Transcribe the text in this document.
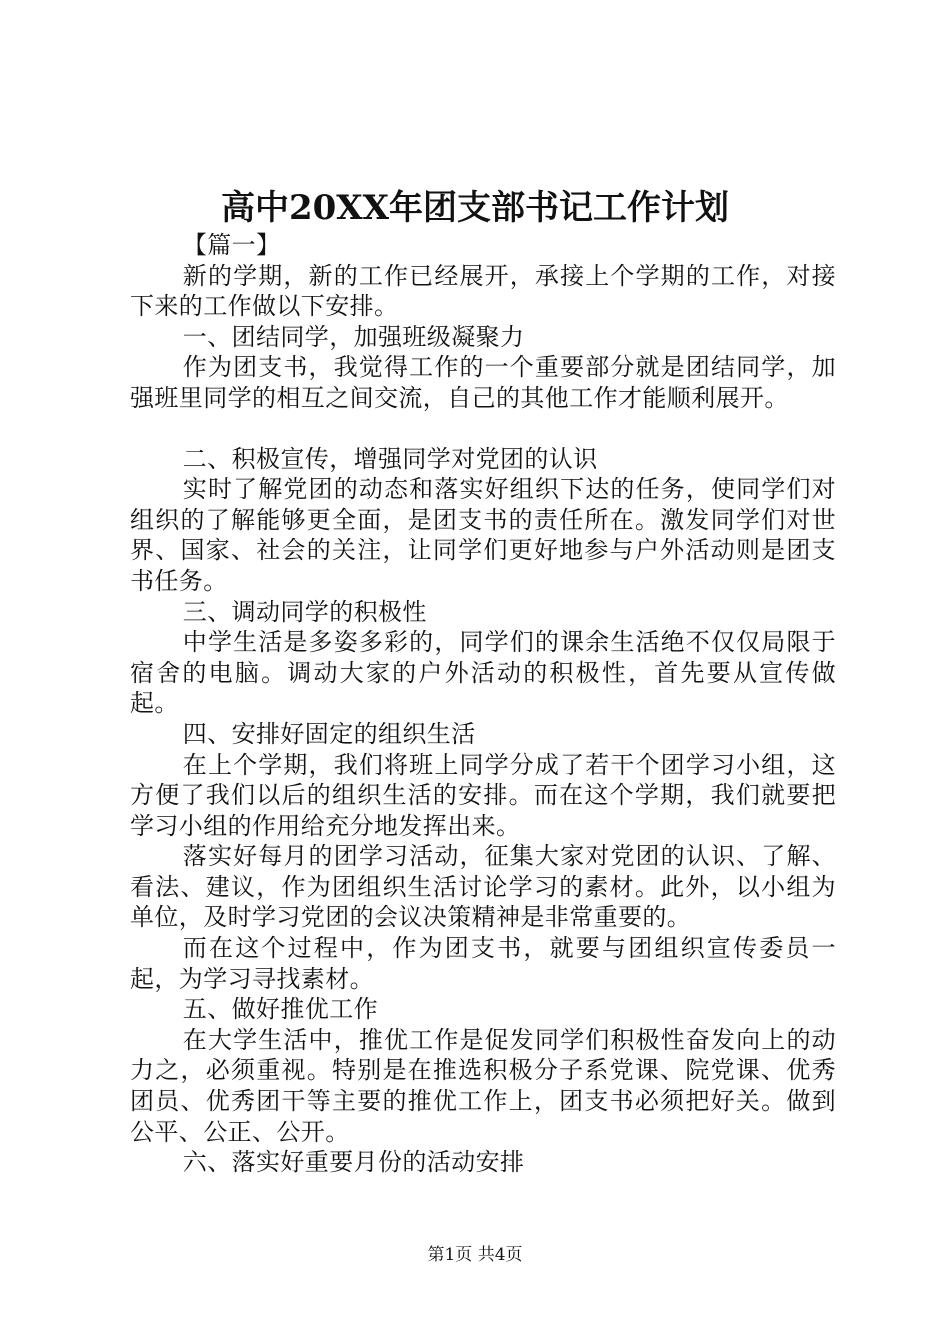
高中20XX年团支部书记工作计划

【篇一】

新的学期，新的工作已经展开，承接上个学期的工作，对接下来的工作做以下安排。

一、团结同学，加强班级凝聚力

作为团支书，我觉得工作的一个重要部分就是团结同学，加强班里同学的相互之间交流，自己的其他工作才能顺利展开。

二、积极宣传，增强同学对党团的认识

实时了解党团的动态和落实好组织下达的任务，使同学们对组织的了解能够更全面，是团支书的责任所在。激发同学们对世界、国家、社会的关注，让同学们更好地参与户外活动则是团支书任务。

三、调动同学的积极性

中学生活是多姿多彩的，同学们的课余生活绝不仅仅局限于宿舍的电脑。调动大家的户外活动的积极性，首先要从宣传做起。

四、安排好固定的组织生活

在上个学期，我们将班上同学分成了若干个团学习小组，这方便了我们以后的组织生活的安排。而在这个学期，我们就要把学习小组的作用给充分地发挥出来。

落实好每月的团学习活动，征集大家对党团的认识、了解、看法、建议，作为团组织生活讨论学习的素材。此外，以小组为单位，及时学习党团的会议决策精神是非常重要的。

而在这个过程中，作为团支书，就要与团组织宣传委员一起，为学习寻找素材。

五、做好推优工作

在大学生活中，推优工作是促发同学们积极性奋发向上的动力之，必须重视。特别是在推选积极分子系党课、院党课、优秀团员、优秀团干等主要的推优工作上，团支书必须把好关。做到公平、公正、公开。

六、落实好重要月份的活动安排

第1页 共4页
